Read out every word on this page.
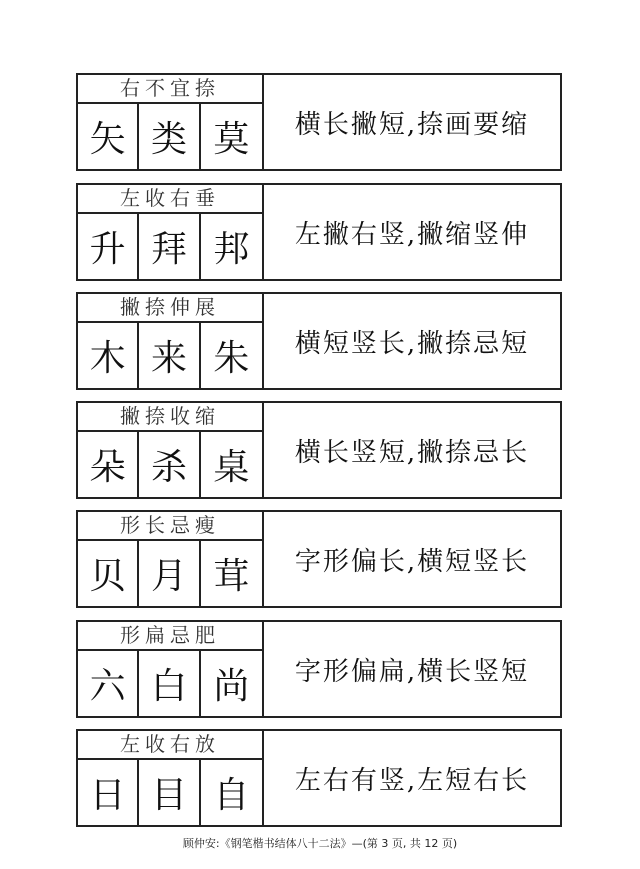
右不宜捺
矢 类 莫	横长撇短,捺画要缩
左收右垂
升 拜 邦	左撇右竖,撇缩竖伸
撇捺伸展
木 来 朱	横短竖长,撇捺忌短
撇捺收缩
朵 杀 桌	横长竖短,撇捺忌长
形长忌瘦
贝 月 茸	字形偏长,横短竖长
形扁忌肥
六 白 尚	字形偏扁,横长竖短
左收右放
日 目 自	左右有竖,左短右长
顾仲安:《钢笔楷书结体八十二法》—(第 3 页, 共 12 页)
